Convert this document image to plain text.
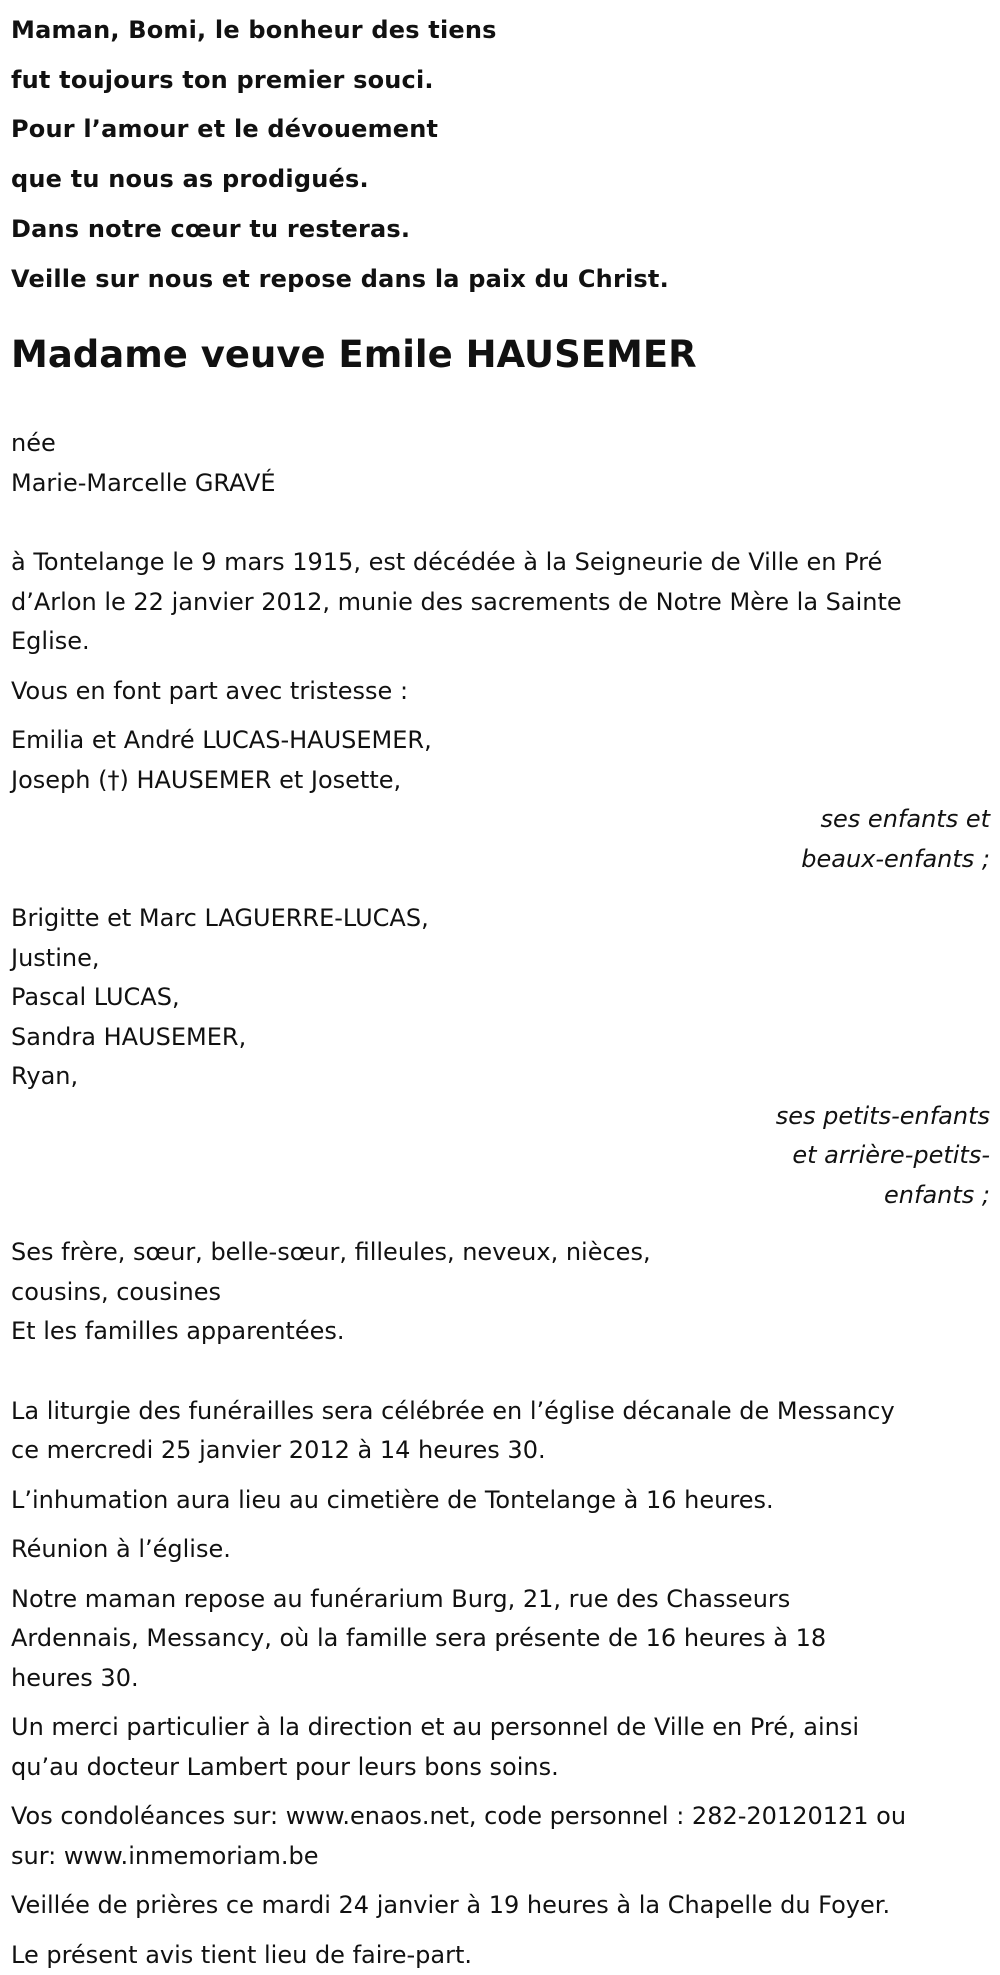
Maman, Bomi, le bonheur des tiens

fut toujours ton premier souci.

Pour l’amour et le dévouement

que tu nous as prodigués.

Dans notre cœur tu resteras.

Veille sur nous et repose dans la paix du Christ.

Madame veuve Emile HAUSEMER
née
Marie-Marcelle GRAVÉ
à Tontelange le 9 mars 1915, est décédée à la Seigneurie de Ville en Pré
d’Arlon le 22 janvier 2012, munie des sacrements de Notre Mère la Sainte
Eglise.
Vous en font part avec tristesse :
Emilia et André LUCAS-HAUSEMER,
Joseph (†) HAUSEMER et Josette,
ses enfants et
beaux-enfants ;
Brigitte et Marc LAGUERRE-LUCAS,
Justine,
Pascal LUCAS,
Sandra HAUSEMER,
Ryan,
ses petits-enfants
et arrière-petits-
enfants ;
Ses frère, sœur, belle-sœur, filleules, neveux, nièces,
cousins, cousines
Et les familles apparentées.
La liturgie des funérailles sera célébrée en l’église décanale de Messancy
ce mercredi 25 janvier 2012 à 14 heures 30.
L’inhumation aura lieu au cimetière de Tontelange à 16 heures.
Réunion à l’église.
Notre maman repose au funérarium Burg, 21, rue des Chasseurs
Ardennais, Messancy, où la famille sera présente de 16 heures à 18
heures 30.
Un merci particulier à la direction et au personnel de Ville en Pré, ainsi
qu’au docteur Lambert pour leurs bons soins.
Vos condoléances sur: www.enaos.net, code personnel : 282-20120121 ou
sur: www.inmemoriam.be
Veillée de prières ce mardi 24 janvier à 19 heures à la Chapelle du Foyer.
Le présent avis tient lieu de faire-part.
